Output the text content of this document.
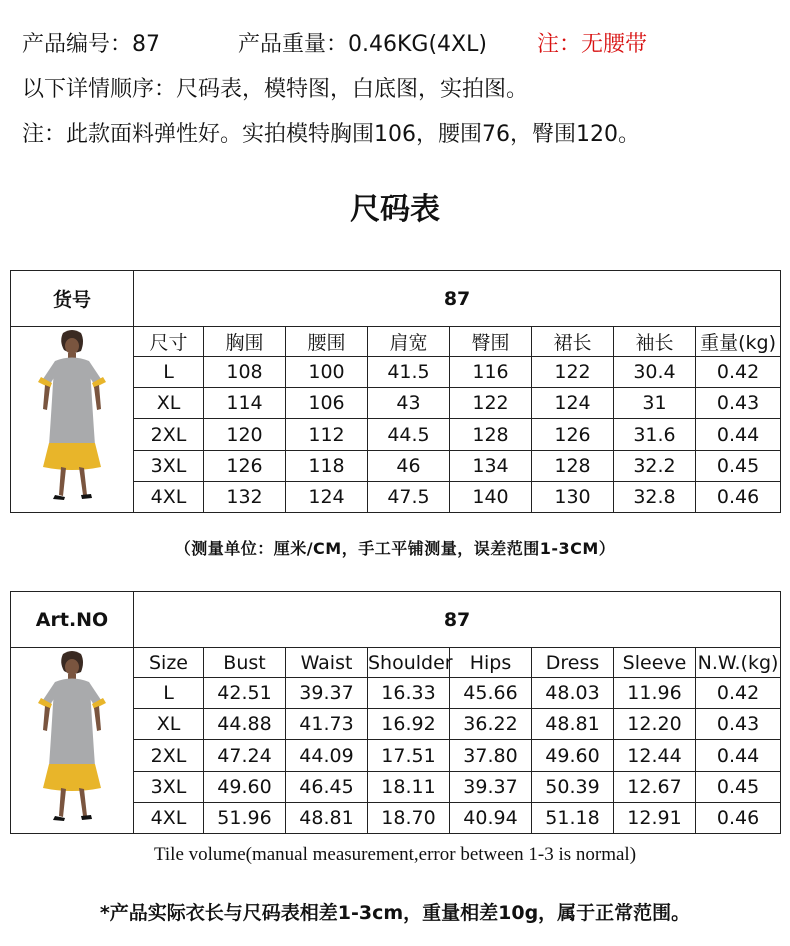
产品编号：87	产品重量：0.46KG(4XL) 注：无腰带
以下详情顺序：尺码表，模特图，白底图，实拍图。
注：此款面料弹性好。实拍模特胸围106，腰围76，臀围120。
尺码表
货号	87							
	尺寸	胸围	腰围	肩宽	臀围	裙长	袖长	重量(kg)
	L	108	100	41.5	116	122	30.4	0.42
	XL	114	106	43	122	124	31	0.43
	2XL	120	112	44.5	128	126	31.6	0.44
	3XL	126	118	46	134	128	32.2	0.45
	4XL	132	124	47.5	140	130	32.8	0.46
（测量单位：厘米/CM，手工平铺测量，误差范围1-3CM）
Art.NO	87							
	Size	Bust	Waist	Shoulder	Hips	Dress	Sleeve	N.W.(kg)
	L	42.51	39.37	16.33	45.66	48.03	11.96	0.42
	XL	44.88	41.73	16.92	36.22	48.81	12.20	0.43
	2XL	47.24	44.09	17.51	37.80	49.60	12.44	0.44
	3XL	49.60	46.45	18.11	39.37	50.39	12.67	0.45
	4XL	51.96	48.81	18.70	40.94	51.18	12.91	0.46
Tile volume(manual measurement,error between 1-3 is normal)
*产品实际衣长与尺码表相差1-3cm，重量相差10g，属于正常范围。
